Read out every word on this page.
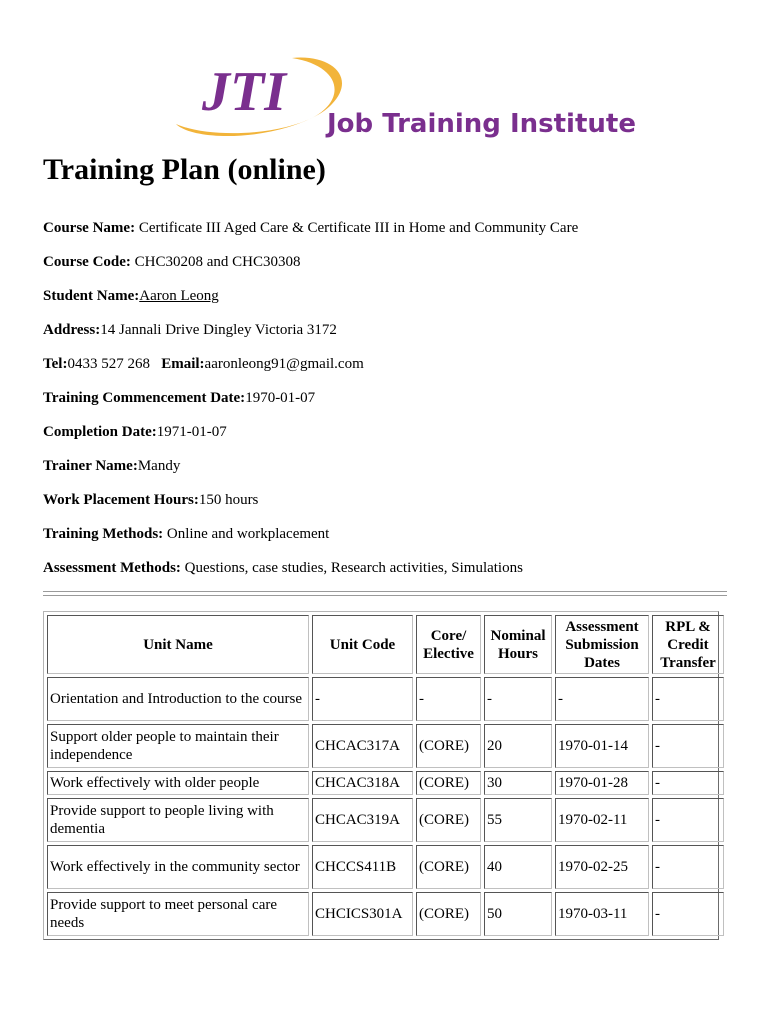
JTI
Job Training Institute
Training Plan (online)
Course Name: Certificate III Aged Care & Certificate III in Home and Community Care
Course Code: CHC30208 and CHC30308
Student Name:Aaron Leong
Address:14 Jannali Drive Dingley Victoria 3172
Tel:0433 527 268 Email:aaronleong91@gmail.com
Training Commencement Date:1970-01-07
Completion Date:1971-01-07
Trainer Name:Mandy
Work Placement Hours:150 hours
Training Methods: Online and workplacement
Assessment Methods: Questions, case studies, Research activities, Simulations
Unit Name	Unit Code	Core/ Elective	Nominal Hours	Assessment Submission Dates	RPL & Credit Transfer
Orientation and Introduction to the course	-	-	-	-	-
Support older people to maintain their independence	CHCAC317A	(CORE)	20	1970-01-14	-
Work effectively with older people	CHCAC318A	(CORE)	30	1970-01-28	-
Provide support to people living with dementia	CHCAC319A	(CORE)	55	1970-02-11	-
Work effectively in the community sector	CHCCS411B	(CORE)	40	1970-02-25	-
Provide support to meet personal care needs	CHCICS301A	(CORE)	50	1970-03-11	-
